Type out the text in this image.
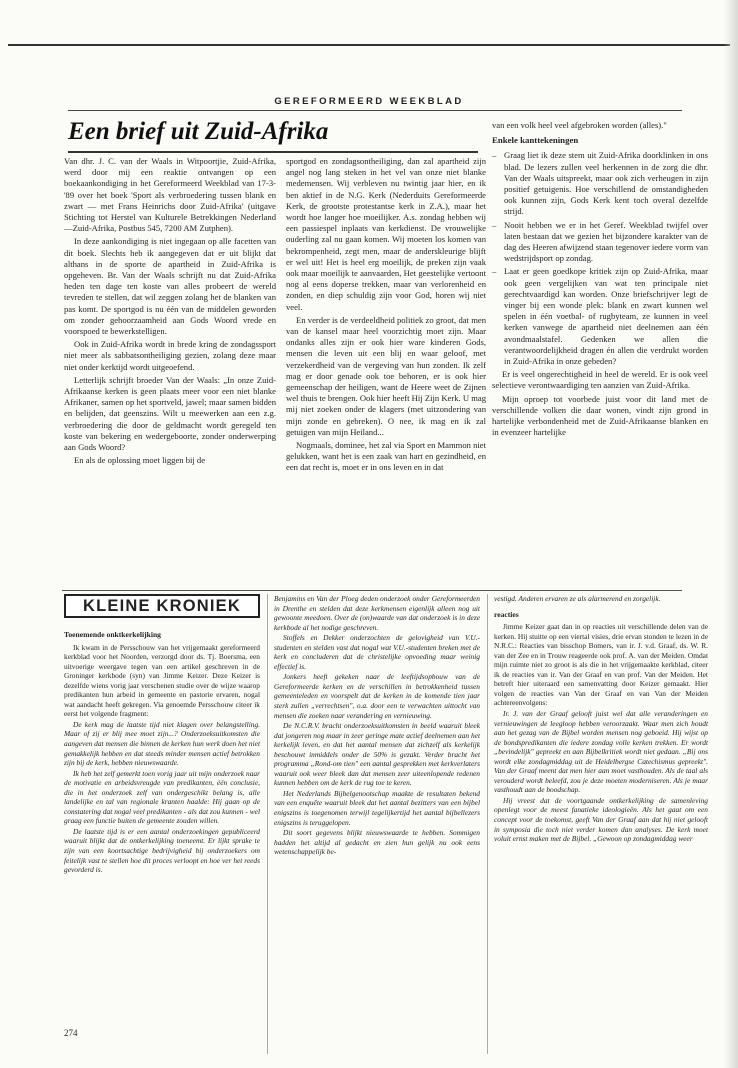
GEREFORMEERD WEEKBLAD
Een brief uit Zuid-Afrika

Van dhr. J. C. van der Waals in Witpoortjie, Zuid-Afrika, werd door mij een reaktie ontvangen op een boekaankondiging in het Gereformeerd Weekblad van 17-3-'89 over het boek 'Sport als verbroedering tussen blank en zwart — met Frans Heinrichs door Zuid-Afrika' (uitgave Stichting tot Herstel van Kulturele Betrekkingen Nederland—Zuid-Afrika, Postbus 545, 7200 AM Zutphen).

In deze aankondiging is niet ingegaan op alle facetten van dit boek. Slechts heb ik aangegeven dat er uit blijkt dat althans in de sporte de apartheid in Zuid-Afrika is opgeheven. Br. Van der Waals schrijft nu dat Zuid-Afrika heden ten dage ten koste van alles probeert de wereld tevreden te stellen, dat wil zeggen zolang het de blanken van pas komt. De sportgod is nu één van de middelen geworden om zonder gehoorzaamheid aan Gods Woord vrede en voorspoed te bewerkstelligen.

Ook in Zuid-Afrika wordt in brede kring de zondagssport niet meer als sabbatsontheiliging gezien, zolang deze maar niet onder kerktijd wordt uitgeoefend.

Letterlijk schrijft broeder Van der Waals: „In onze Zuid-Afrikaanse kerken is geen plaats meer voor een niet blanke Afrikaner, samen op het sportveld, jawel; maar samen bidden en belijden, dat geenszins. Wilt u meewerken aan een z.g. verbroedering die door de geldmacht wordt geregeld ten koste van bekering en wedergeboorte, zonder onderwerping aan Gods Woord?

En als de oplossing moet liggen bij de

sportgod en zondagsontheiliging, dan zal apartheid zijn angel nog lang steken in het vel van onze niet blanke medemensen. Wij verbleven nu twintig jaar hier, en ik ben aktief in de N.G. Kerk (Nederduits Gereformeerde Kerk, de grootste protestantse kerk in Z.A.), maar het wordt hoe langer hoe moeilijker. A.s. zondag hebben wij een passiespel inplaats van kerkdienst. De vrouwelijke ouderling zal nu gaan komen. Wij moeten los komen van bekrompenheid, zegt men, maar de anderskleurige blijft er wel uit! Het is heel erg moeilijk, de preken zijn vaak ook maar moeilijk te aanvaarden, Het geestelijke vertoont nog al eens doperse trekken, maar van verlorenheid en zonden, en diep schuldig zijn voor God, horen wij niet veel.

En verder is de verdeeldheid politiek zo groot, dat men van de kansel maar heel voorzichtig moet zijn. Maar ondanks alles zijn er ook hier ware kinderen Gods, mensen die leven uit een blij en waar geloof, met verzekerdheid van de vergeving van hun zonden. Ik zelf mag er door genade ook toe behoren, er is ook hier gemeenschap der heiligen, want de Heere weet de Zijnen wel thuis te brengen. Ook hier heeft Hij Zijn Kerk. U mag mij niet zoeken onder de klagers (met uitzondering van mijn zonde en gebreken). O nee, ik mag en ik zal getuigen van mijn Heiland...

Nogmaals, dominee, het zal via Sport en Mammon niet gelukken, want het is een zaak van hart en gezindheid, en een dat recht is, moet er in ons leven en in dat

van een volk heel veel afgebroken worden (alles)."

Enkele kanttekeningen
– Graag liet ik deze stem uit Zuid-Afrika doorklinken in ons blad. De lezers zullen veel herkennen in de zorg die dhr. Van der Waals uitspreekt, maar ook zich verheugen in zijn positief getuigenis. Hoe verschillend de omstandigheden ook kunnen zijn, Gods Kerk kent toch overal dezelfde strijd.
– Nooit hebben we er in het Geref. Weekblad twijfel over laten bestaan dat we gezien het bijzondere karakter van de dag des Heeren afwijzend staan tegenover iedere vorm van wedstrijdsport op zondag.
– Laat er geen goedkope kritiek zijn op Zuid-Afrika, maar ook geen vergelijken van wat ten principale niet gerechtvaardigd kan worden. Onze briefschrijver legt de vinger bij een wonde plek: blank en zwart kunnen wel spelen in één voetbal- of rugbyteam, ze kunnen in veel kerken vanwege de apartheid niet deelnemen aan één avondmaalstafel. Gedenken we allen die verantwoordelijkheid dragen én allen die verdrukt worden in Zuid-Afrika in onze gebeden?

Er is veel ongerechtigheid in heel de wereld. Er is ook veel selectieve verontwaardiging ten aanzien van Zuid-Afrika.

Mijn oproep tot voorbede juist voor dit land met de verschillende volken die daar wonen, vindt zijn grond in hartelijke verbondenheid met de Zuid-Afrikaanse blanken en in evenzeer hartelijke

KLEINE KRONIEK
Toenemende onktkerkelijking

Ik kwam in de Persschouw van het vrijgemaakt gereformeerd kerkblad voor het Noorden, verzorgd door ds. Tj. Boersma, een uitvoerige weergave tegen van een artikel geschreven in de Groninger kerkbode (syn) van Jimme Keizer. Deze Keizer is dezelfde wiens vorig jaar verschenen studie over de wijze waarop predikanten hun arbeid in gemeente en pastorie ervaren, nogal wat aandacht heeft gekregen. Via genoemde Persschouw citeer ik eerst het volgende fragment:

De kerk mag de laatste tijd niet klagen over belangstelling. Maar of zij er blij mee moet zijn...? Onderzoeksuitkomsten die aangeven dat mensen die binnen de kerken hun werk doen het niet gemakkelijk hebben en dat steeds minder mensen actief betrokken zijn bij de kerk, hebben nieuwswaarde.

Ik heb het zelf gemerkt toen vorig jaar uit mijn onderzoek naar de motivatie en arbeidsvreugde van predikanten, één conclusie, die in het onderzoek zelf van ondergeschikt belang is, alle landelijke en tal van regionale kranten haalde: Hij gaan op de constatering dat nogal veel predikanten - als dat zou kunnen - wel graag een functie buiten de gemeente zouden willen.

De laatste tijd is er een aantal onderzoekingen gepubliceerd waaruit blijkt dat de ontkerkelijking toeneemt. Er lijkt sprake te zijn van een koortsachtige bedrijvigheid bij onderzoekers om feitelijk vast te stellen hoe dit proces verloopt en hoe ver het reeds gevorderd is.

Benjamins en Van der Ploeg deden onderzoek onder Gereformeerden in Drenthe en stelden dat deze kerkmensen eigenlijk alleen nog uit gewoonte meedoen. Over de (on)waarde van dat onderzoek is in deze kerkbode al het nodige geschreven.

Stoffels en Dekker onderzochten de gelovigheid van V.U.-studenten en stelden vast dat nogal wat V.U.-studenten breken met de kerk en concluderen dat de christelijke opvoeding maar weinig effectief is.

Jonkers heeft gekeken naar de leeftijdsopbouw van de Gereformeerde kerken en de verschillen in betrokkenheid tussen gemeenteleden en voorspelt dat de kerken in de komende tien jaar sterk zullen „verrechtsen", o.a. door een te verwachten uittocht van mensen die zoeken naar verandering en vernieuwing.

De N.C.R.V. bracht onderzoeksuitkomsten in beeld waaruit bleek dat jongeren nog maar in zeer geringe mate actief deelnemen aan het kerkelijk leven, en dat het aantal mensen dat zichzelf als kerkelijk beschouwt inmiddels onder de 50% is gezakt. Verder bracht het programma „Rond-om tien" een aantal gesprekken met kerkverlaters waaruit ook weer bleek dan dat mensen zeer uiteenlopende redenen kunnen hebben om de kerk de rug toe te keren.

Het Nederlands Bijbelgenootschap maakte de resultaten bekend van een enquête waaruit bleek dat het aantal bezitters van een bijbel enigszins is toegenomen terwijl tegelijkertijd het aantal bijbellezers enigszins is teruggelopen.

Dit soort gegevens blijkt nieuwswaarde te hebben. Sommigen hadden het altijd al gedacht en zien hun gelijk nu ook eens wetenschappelijk be-

vestigd. Anderen ervaren ze als alarmerend en zorgelijk.

reacties

Jimme Keizer gaat dan in op reacties uit verschillende delen van de kerken. Hij stuitte op een viertal visies, drie ervan stonden te lezen in de N.R.C.: Reacties van bisschop Bomers, van ir. J. v.d. Graaf, ds. W. R. van der Zee en in Trouw reageerde ook prof. A. van der Meiden. Omdat mijn ruimte niet zo groot is als die in het vrijgemaakte kerkblad, citeer ik de reacties van ir. Van der Graaf en van prof. Van der Meiden. Het betreft hier uiteraard een samenvatting door Keizer gemaakt. Hier volgen de reacties van Van der Graaf en van Van der Meiden achtereenvolgens:

Ir. J. van der Graaf gelooft juist wel dat alle veranderingen en vernieuwingen de leegloop hebben veroorzaakt. Waar men zich houdt aan het gezag van de Bijbel worden mensen nog geboeid. Hij wijst op de bondspredikanten die iedere zondag volle kerken trekken. Er wordt „bevindelijk" gepreekt en aan Bijbelkritiek wordt niet gedaan. „Bij ons wordt elke zondagmiddag uit de Heidelbergse Catechismus gepreekt". Van der Graaf meent dat men hier aan moet vasthouden. Als de taal als verouderd wordt beleefd, zou je deze moeten moderniseren. Als je maar vasthoudt aan de boodschap.

Hij vreest dat de voortgaande ontkerkelijking de samenleving openlegt voor de meest fanatieke ideologieën. Als het gaat om een concept voor de toekomst, geeft Van der Graaf aan dat hij niet gelooft in symposia die toch niet verder komen dan analyses. De kerk moet voluit ernst maken met de Bijbel. „Gewoon op zondagmiddag weer

274
